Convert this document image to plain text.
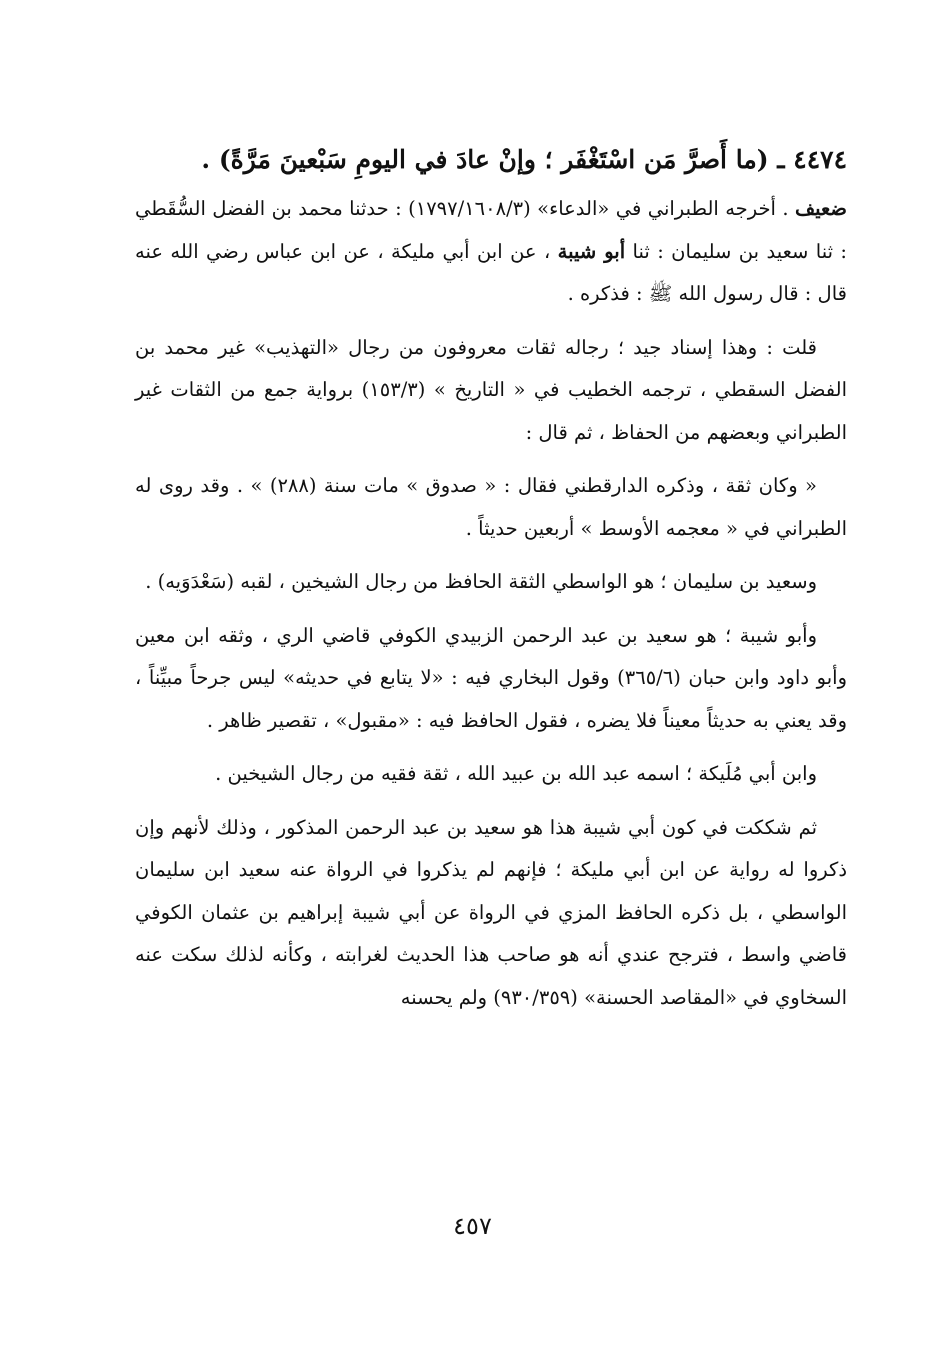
٤٤٧٤ ـ (ما أَصرَّ مَن اسْتَغْفَر ؛ وإنْ عادَ في اليومِ سَبْعينَ مَرَّةً) .

ضعيف . أخرجه الطبراني في «الدعاء» (١٧٩٧/١٦٠٨/٣) : حدثنا محمد بن الفضل السُّقَطي : ثنا سعيد بن سليمان : ثنا أبو شيبة ، عن ابن أبي مليكة ، عن ابن عباس رضي الله عنه قال : قال رسول الله ﷺ : فذكره .

قلت : وهذا إسناد جيد ؛ رجاله ثقات معروفون من رجال «التهذيب» غير محمد بن الفضل السقطي ، ترجمه الخطيب في « التاريخ » (١٥٣/٣) برواية جمع من الثقات غير الطبراني وبعضهم من الحفاظ ، ثم قال :

« وكان ثقة ، وذكره الدارقطني فقال : « صدوق » مات سنة (٢٨٨) » . وقد روى له الطبراني في « معجمه الأوسط » أربعين حديثاً .

وسعيد بن سليمان ؛ هو الواسطي الثقة الحافظ من رجال الشيخين ، لقبه (سَعْدَوَيه) .

وأبو شيبة ؛ هو سعيد بن عبد الرحمن الزبيدي الكوفي قاضي الري ، وثقه ابن معين وأبو داود وابن حبان (٣٦٥/٦) وقول البخاري فيه : «لا يتابع في حديثه» ليس جرحاً مبيِّناً ، وقد يعني به حديثاً معيناً فلا يضره ، فقول الحافظ فيه : «مقبول» ، تقصير ظاهر .

وابن أبي مُلَيكة ؛ اسمه عبد الله بن عبيد الله ، ثقة فقيه من رجال الشيخين .

ثم شككت في كون أبي شيبة هذا هو سعيد بن عبد الرحمن المذكور ، وذلك لأنهم وإن ذكروا له رواية عن ابن أبي مليكة ؛ فإنهم لم يذكروا في الرواة عنه سعيد ابن سليمان الواسطي ، بل ذكره الحافظ المزي في الرواة عن أبي شيبة إبراهيم بن عثمان الكوفي قاضي واسط ، فترجح عندي أنه هو صاحب هذا الحديث لغرابته ، وكأنه لذلك سكت عنه السخاوي في «المقاصد الحسنة» (٩٣٠/٣٥٩) ولم يحسنه

٤٥٧
